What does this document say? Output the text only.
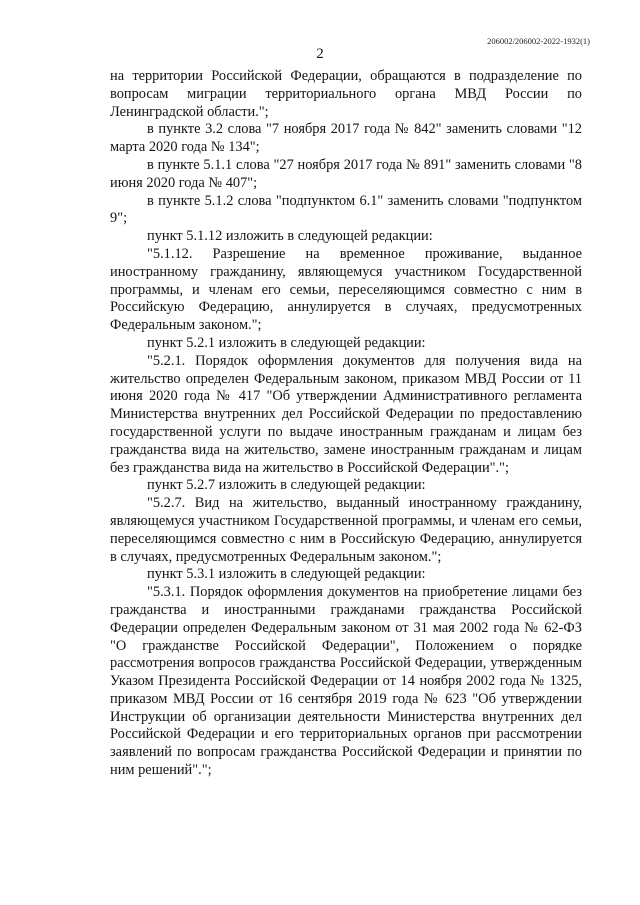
206002/206002-2022-1932(1)
2

на территории Российской Федерации, обращаются в подразделение по вопросам миграции территориального органа МВД России по Ленинградской области.";

в пункте 3.2 слова "7 ноября 2017 года № 842" заменить словами "12 марта 2020 года № 134";

в пункте 5.1.1 слова "27 ноября 2017 года № 891" заменить словами "8 июня 2020 года № 407";

в пункте 5.1.2 слова "подпунктом 6.1" заменить словами "подпунктом 9";

пункт 5.1.12 изложить в следующей редакции:

"5.1.12. Разрешение на временное проживание, выданное иностранному гражданину, являющемуся участником Государственной программы, и членам его семьи, переселяющимся совместно с ним в Российскую Федерацию, аннулируется в случаях, предусмотренных Федеральным законом.";

пункт 5.2.1 изложить в следующей редакции:

"5.2.1. Порядок оформления документов для получения вида на жительство определен Федеральным законом, приказом МВД России от 11 июня 2020 года № 417 "Об утверждении Административного регламента Министерства внутренних дел Российской Федерации по предоставлению государственной услуги по выдаче иностранным гражданам и лицам без гражданства вида на жительство, замене иностранным гражданам и лицам без гражданства вида на жительство в Российской Федерации".";

пункт 5.2.7 изложить в следующей редакции:

"5.2.7. Вид на жительство, выданный иностранному гражданину, являющемуся участником Государственной программы, и членам его семьи, переселяющимся совместно с ним в Российскую Федерацию, аннулируется в случаях, предусмотренных Федеральным законом.";

пункт 5.3.1 изложить в следующей редакции:

"5.3.1. Порядок оформления документов на приобретение лицами без гражданства и иностранными гражданами гражданства Российской Федерации определен Федеральным законом от 31 мая 2002 года № 62-ФЗ "О гражданстве Российской Федерации", Положением о порядке рассмотрения вопросов гражданства Российской Федерации, утвержденным Указом Президента Российской Федерации от 14 ноября 2002 года № 1325, приказом МВД России от 16 сентября 2019 года № 623 "Об утверждении Инструкции об организации деятельности Министерства внутренних дел Российской Федерации и его территориальных органов при рассмотрении заявлений по вопросам гражданства Российской Федерации и принятии по ним решений".";
